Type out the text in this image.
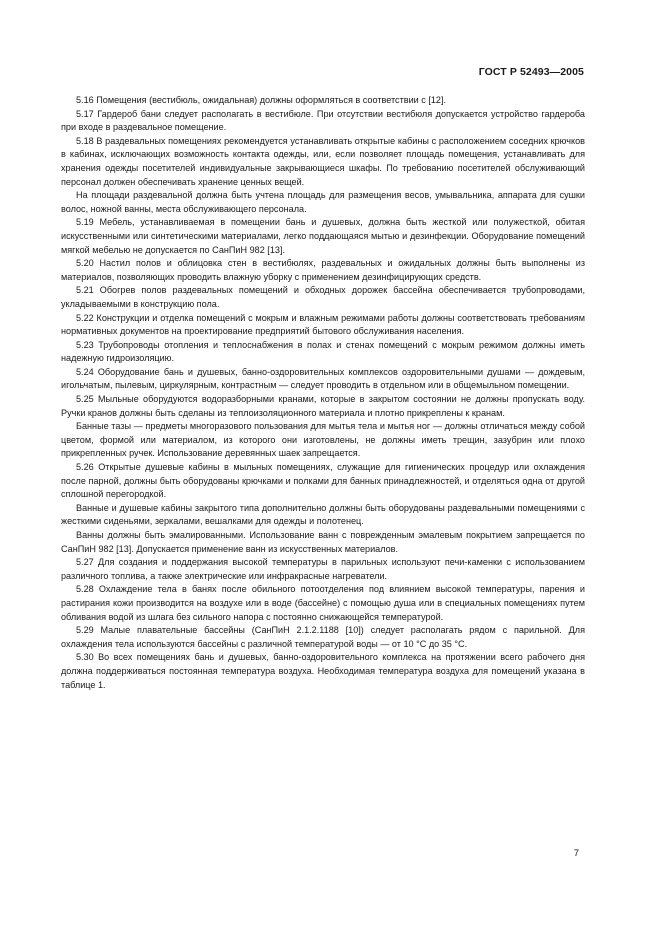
ГОСТ Р 52493—2005

5.16 Помещения (вестибюль, ожидальная) должны оформляться в соответствии с [12].

5.17 Гардероб бани следует располагать в вестибюле. При отсутствии вестибюля допускается устройство гардероба при входе в раздевальное помещение.

5.18 В раздевальных помещениях рекомендуется устанавливать открытые кабины с расположением соседних крючков в кабинах, исключающих возможность контакта одежды, или, если позволяет площадь помещения, устанавливать для хранения одежды посетителей индивидуальные закрывающиеся шкафы. По требованию посетителей обслуживающий персонал должен обеспечивать хранение ценных вещей.

На площади раздевальной должна быть учтена площадь для размещения весов, умывальника, аппарата для сушки волос, ножной ванны, места обслуживающего персонала.

5.19 Мебель, устанавливаемая в помещении бань и душевых, должна быть жесткой или полужесткой, обитая искусственными или синтетическими материалами, легко поддающаяся мытью и дезинфекции. Оборудование помещений мягкой мебелью не допускается по СанПиН 982 [13].

5.20 Настил полов и облицовка стен в вестибюлях, раздевальных и ожидальных должны быть выполнены из материалов, позволяющих проводить влажную уборку с применением дезинфицирующих средств.

5.21 Обогрев полов раздевальных помещений и обходных дорожек бассейна обеспечивается трубопроводами, укладываемыми в конструкцию пола.

5.22 Конструкции и отделка помещений с мокрым и влажным режимами работы должны соответствовать требованиям нормативных документов на проектирование предприятий бытового обслуживания населения.

5.23 Трубопроводы отопления и теплоснабжения в полах и стенах помещений с мокрым режимом должны иметь надежную гидроизоляцию.

5.24 Оборудование бань и душевых, банно-оздоровительных комплексов оздоровительными душами — дождевым, игольчатым, пылевым, циркулярным, контрастным — следует проводить в отдельном или в общемыльном помещении.

5.25 Мыльные оборудуются водоразборными кранами, которые в закрытом состоянии не должны пропускать воду. Ручки кранов должны быть сделаны из теплоизоляционного материала и плотно прикреплены к кранам.

Банные тазы — предметы многоразового пользования для мытья тела и мытья ног — должны отличаться между собой цветом, формой или материалом, из которого они изготовлены, не должны иметь трещин, зазубрин или плохо прикрепленных ручек. Использование деревянных шаек запрещается.

5.26 Открытые душевые кабины в мыльных помещениях, служащие для гигиенических процедур или охлаждения после парной, должны быть оборудованы крючками и полками для банных принадлежностей, и отделяться одна от другой сплошной перегородкой.

Ванные и душевые кабины закрытого типа дополнительно должны быть оборудованы раздевальными помещениями с жесткими сиденьями, зеркалами, вешалками для одежды и полотенец.

Ванны должны быть эмалированными. Использование ванн с поврежденным эмалевым покрытием запрещается по СанПиН 982 [13]. Допускается применение ванн из искусственных материалов.

5.27 Для создания и поддержания высокой температуры в парильных используют печи-каменки с использованием различного топлива, а также электрические или инфракрасные нагреватели.

5.28 Охлаждение тела в банях после обильного потоотделения под влиянием высокой температуры, парения и растирания кожи производится на воздухе или в воде (бассейне) с помощью душа или в специальных помещениях путем обливания водой из шлага без сильного напора с постоянно снижающейся температурой.

5.29 Малые плавательные бассейны (СанПиН 2.1.2.1188 [10]) следует располагать рядом с парильной. Для охлаждения тела используются бассейны с различной температурой воды — от 10 °С до 35 °С.

5.30 Во всех помещениях бань и душевых, банно-оздоровительного комплекса на протяжении всего рабочего дня должна поддерживаться постоянная температура воздуха. Необходимая температура воздуха для помещений указана в таблице 1.

7
